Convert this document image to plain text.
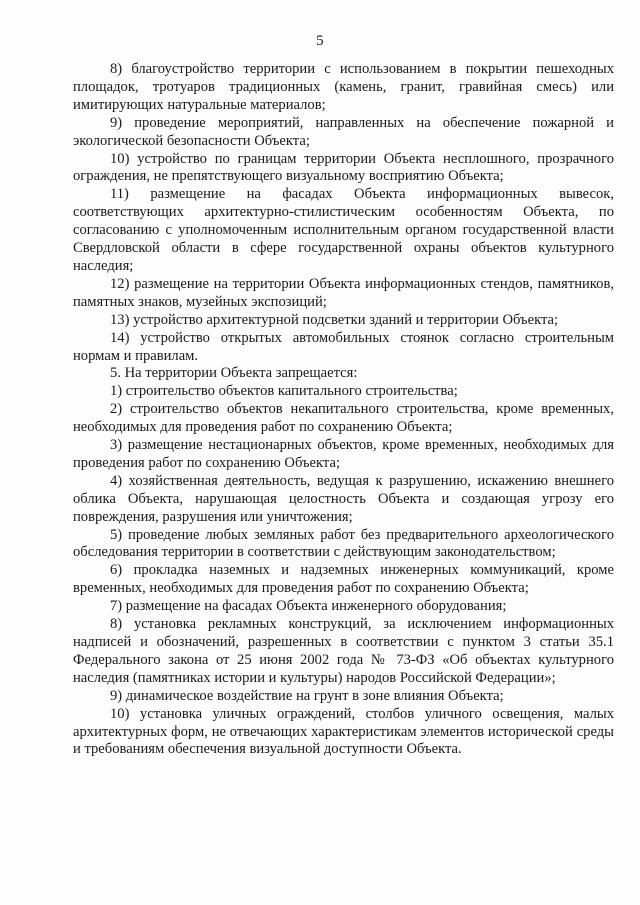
5

8) благоустройство территории с использованием в покрытии пешеходных площадок, тротуаров традиционных (камень, гранит, гравийная смесь) или имитирующих натуральные материалов;

9) проведение мероприятий, направленных на обеспечение пожарной и экологической безопасности Объекта;

10) устройство по границам территории Объекта несплошного, прозрачного ограждения, не препятствующего визуальному восприятию Объекта;

11) размещение на фасадах Объекта информационных вывесок, соответствующих архитектурно-стилистическим особенностям Объекта, по согласованию с уполномоченным исполнительным органом государственной власти Свердловской области в сфере государственной охраны объектов культурного наследия;

12) размещение на территории Объекта информационных стендов, памятников, памятных знаков, музейных экспозиций;

13) устройство архитектурной подсветки зданий и территории Объекта;

14) устройство открытых автомобильных стоянок согласно строительным нормам и правилам.

5. На территории Объекта запрещается:

1) строительство объектов капитального строительства;

2) строительство объектов некапитального строительства, кроме временных, необходимых для проведения работ по сохранению Объекта;

3) размещение нестационарных объектов, кроме временных, необходимых для проведения работ по сохранению Объекта;

4) хозяйственная деятельность, ведущая к разрушению, искажению внешнего облика Объекта, нарушающая целостность Объекта и создающая угрозу его повреждения, разрушения или уничтожения;

5) проведение любых земляных работ без предварительного археологического обследования территории в соответствии с действующим законодательством;

6) прокладка наземных и надземных инженерных коммуникаций, кроме временных, необходимых для проведения работ по сохранению Объекта;

7) размещение на фасадах Объекта инженерного оборудования;

8) установка рекламных конструкций, за исключением информационных надписей и обозначений, разрешенных в соответствии с пунктом 3 статьи 35.1 Федерального закона от 25 июня 2002 года № 73-ФЗ «Об объектах культурного наследия (памятниках истории и культуры) народов Российской Федерации»;

9) динамическое воздействие на грунт в зоне влияния Объекта;

10) установка уличных ограждений, столбов уличного освещения, малых архитектурных форм, не отвечающих характеристикам элементов исторической среды и требованиям обеспечения визуальной доступности Объекта.
